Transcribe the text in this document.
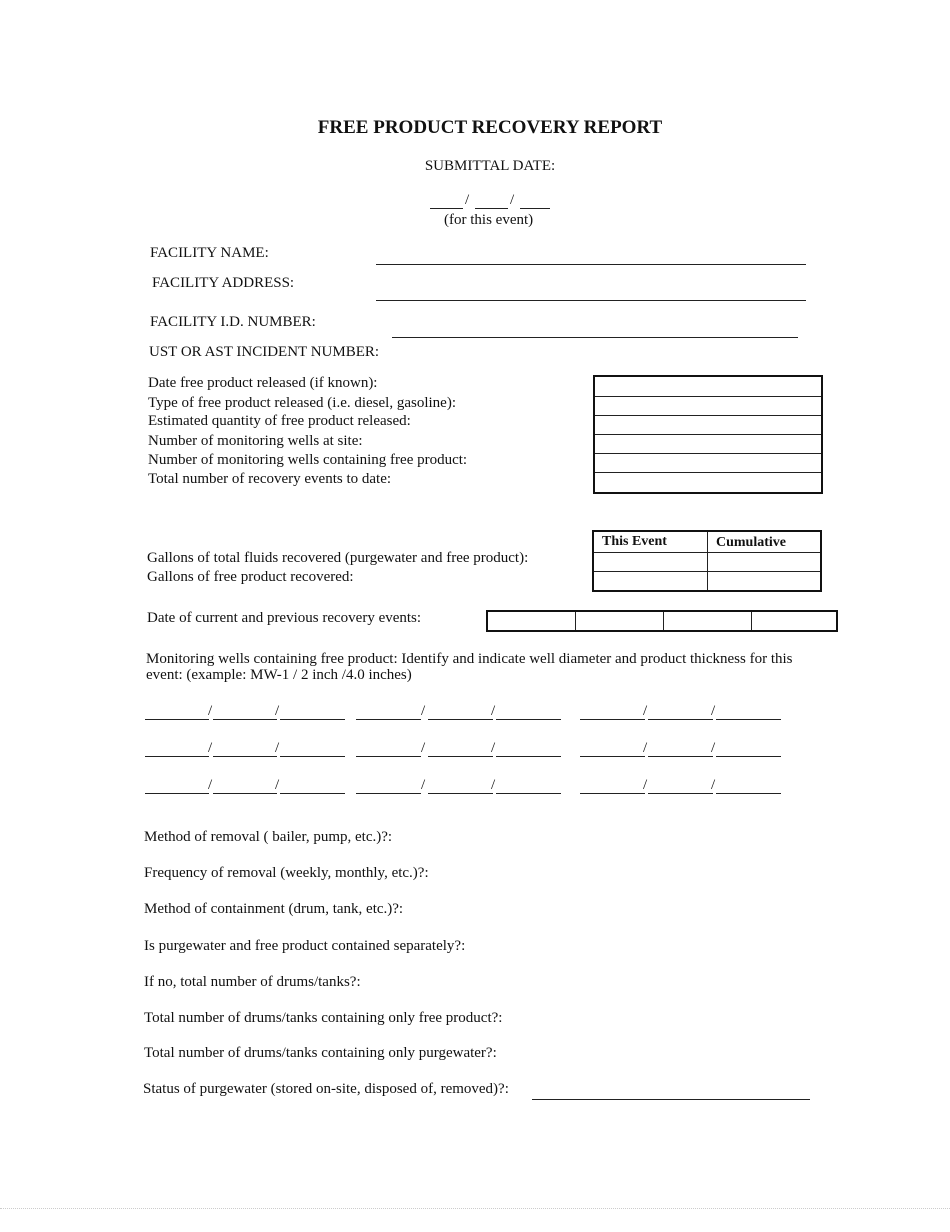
FREE PRODUCT RECOVERY REPORT
SUBMITTAL DATE:
/	/
(for this event)
FACILITY NAME:
FACILITY ADDRESS:
FACILITY I.D. NUMBER:
UST OR AST INCIDENT NUMBER:
Date free product released (if known):
Type of free product released (i.e. diesel, gasoline):
Estimated quantity of free product released:
Number of monitoring wells at site:
Number of monitoring wells containing free product:
Total number of recovery events to date:
This Event	Cumulative
Gallons of total fluids recovered (purgewater and free product):
Gallons of free product recovered:
Date of current and previous recovery events:
Monitoring wells containing free product: Identify and indicate well diameter and product thickness for this
event: (example: MW-1 / 2 inch /4.0 inches)
/	/	/	/	/	/
/	/	/	/	/	/
/	/	/	/	/	/
Method of removal ( bailer, pump, etc.)?:
Frequency of removal (weekly, monthly, etc.)?:
Method of containment (drum, tank, etc.)?:
Is purgewater and free product contained separately?:
If no, total number of drums/tanks?:
Total number of drums/tanks containing only free product?:
Total number of drums/tanks containing only purgewater?:
Status of purgewater (stored on-site, disposed of, removed)?:
